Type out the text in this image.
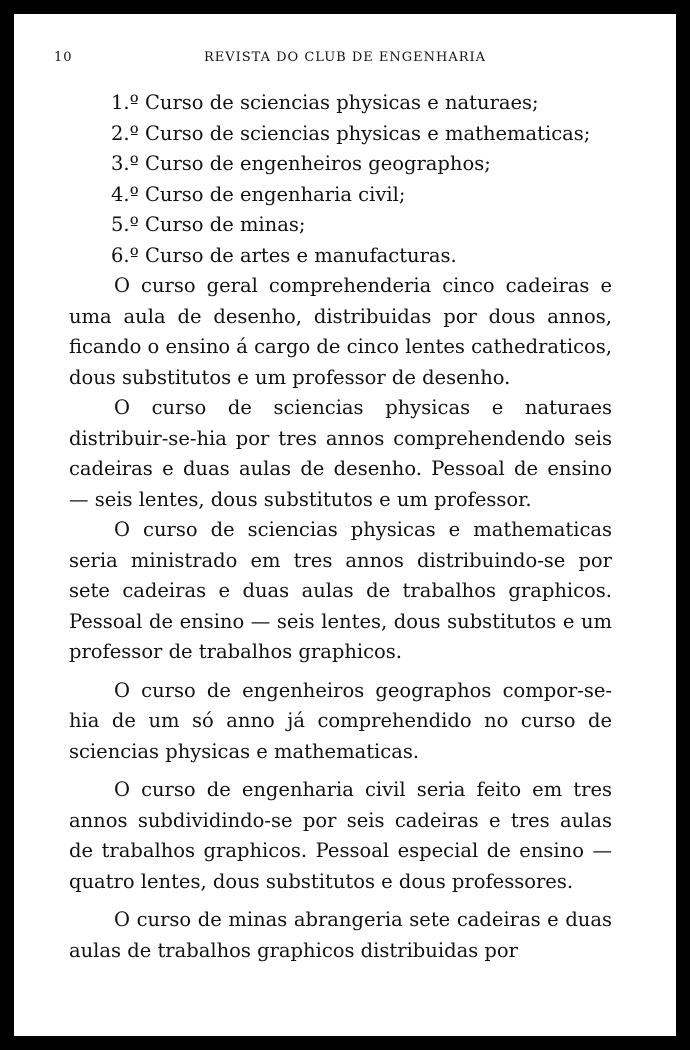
10	REVISTA DO CLUB DE ENGENHARIA

1.º Curso de sciencias physicas e naturaes;

2.º Curso de sciencias physicas e mathematicas;

3.º Curso de engenheiros geographos;

4.º Curso de engenharia civil;

5.º Curso de minas;

6.º Curso de artes e manufacturas.

O curso geral comprehenderia cinco cadeiras e uma aula de desenho, distribuidas por dous annos, ficando o ensino á cargo de cinco lentes cathedraticos, dous substitutos e um professor de desenho.

O curso de sciencias physicas e naturaes distribuir-se-hia por tres annos comprehendendo seis cadeiras e duas aulas de desenho. Pessoal de ensino — seis lentes, dous substitutos e um professor.

O curso de sciencias physicas e mathematicas seria ministrado em tres annos distribuindo-se por sete cadeiras e duas aulas de trabalhos graphicos. Pessoal de ensino — seis lentes, dous substitutos e um professor de trabalhos graphicos.

O curso de engenheiros geographos compor-se-hia de um só anno já comprehendido no curso de sciencias physicas e mathematicas.

O curso de engenharia civil seria feito em tres annos subdividindo-se por seis cadeiras e tres aulas de trabalhos graphicos. Pessoal especial de ensino — quatro lentes, dous substitutos e dous professores.

O curso de minas abrangeria sete cadeiras e duas aulas de trabalhos graphicos distribuidas por
